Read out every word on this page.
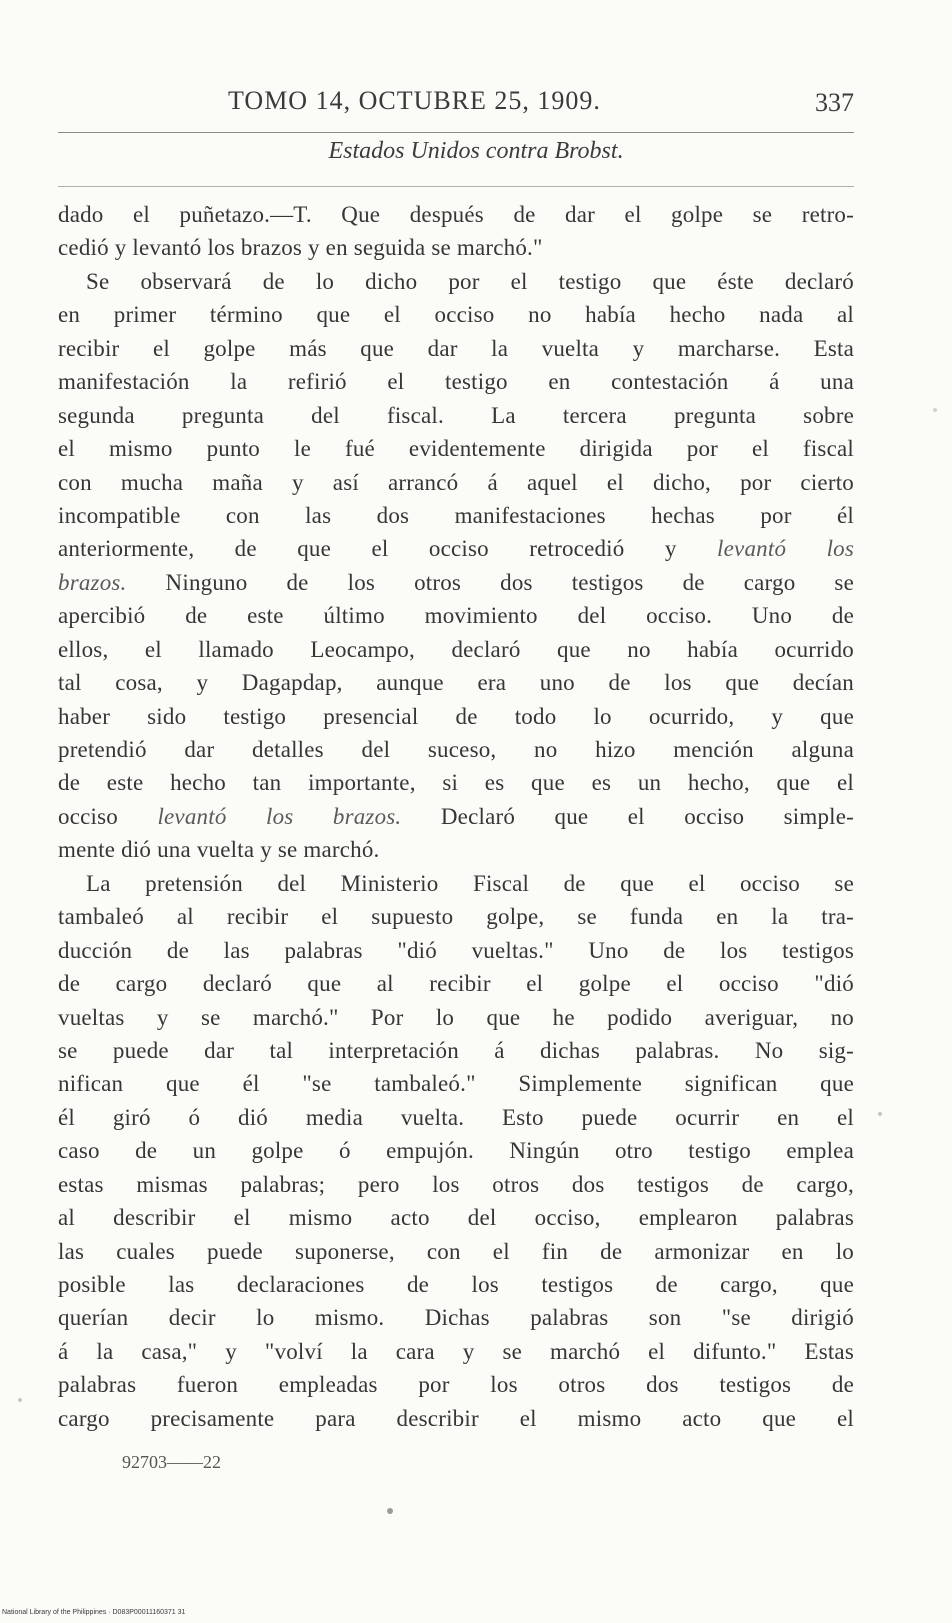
TOMO 14, OCTUBRE 25, 1909.	337
Estados Unidos contra Brobst.
dado el puñetazo.—T. Que después de dar el golpe se retro-
cedió y levantó los brazos y en seguida se marchó."
Se observará de lo dicho por el testigo que éste declaró
en primer término que el occiso no había hecho nada al
recibir el golpe más que dar la vuelta y marcharse. Esta
manifestación la refirió el testigo en contestación á una
segunda pregunta del fiscal. La tercera pregunta sobre
el mismo punto le fué evidentemente dirigida por el fiscal
con mucha maña y así arrancó á aquel el dicho, por cierto
incompatible con las dos manifestaciones hechas por él
anteriormente, de que el occiso retrocedió y levantó los
brazos. Ninguno de los otros dos testigos de cargo se
apercibió de este último movimiento del occiso. Uno de
ellos, el llamado Leocampo, declaró que no había ocurrido
tal cosa, y Dagapdap, aunque era uno de los que decían
haber sido testigo presencial de todo lo ocurrido, y que
pretendió dar detalles del suceso, no hizo mención alguna
de este hecho tan importante, si es que es un hecho, que el
occiso levantó los brazos. Declaró que el occiso simple-
mente dió una vuelta y se marchó.
La pretensión del Ministerio Fiscal de que el occiso se
tambaleó al recibir el supuesto golpe, se funda en la tra-
ducción de las palabras "dió vueltas." Uno de los testigos
de cargo declaró que al recibir el golpe el occiso "dió
vueltas y se marchó." Por lo que he podido averiguar, no
se puede dar tal interpretación á dichas palabras. No sig-
nifican que él "se tambaleó." Simplemente significan que
él giró ó dió media vuelta. Esto puede ocurrir en el
caso de un golpe ó empujón. Ningún otro testigo emplea
estas mismas palabras; pero los otros dos testigos de cargo,
al describir el mismo acto del occiso, emplearon palabras
las cuales puede suponerse, con el fin de armonizar en lo
posible las declaraciones de los testigos de cargo, que
querían decir lo mismo. Dichas palabras son "se dirigió
á la casa," y "volví la cara y se marchó el difunto." Estas
palabras fueron empleadas por los otros dos testigos de
cargo precisamente para describir el mismo acto que el
92703——22
National Library of the Philippines · D083P00011160371 31
